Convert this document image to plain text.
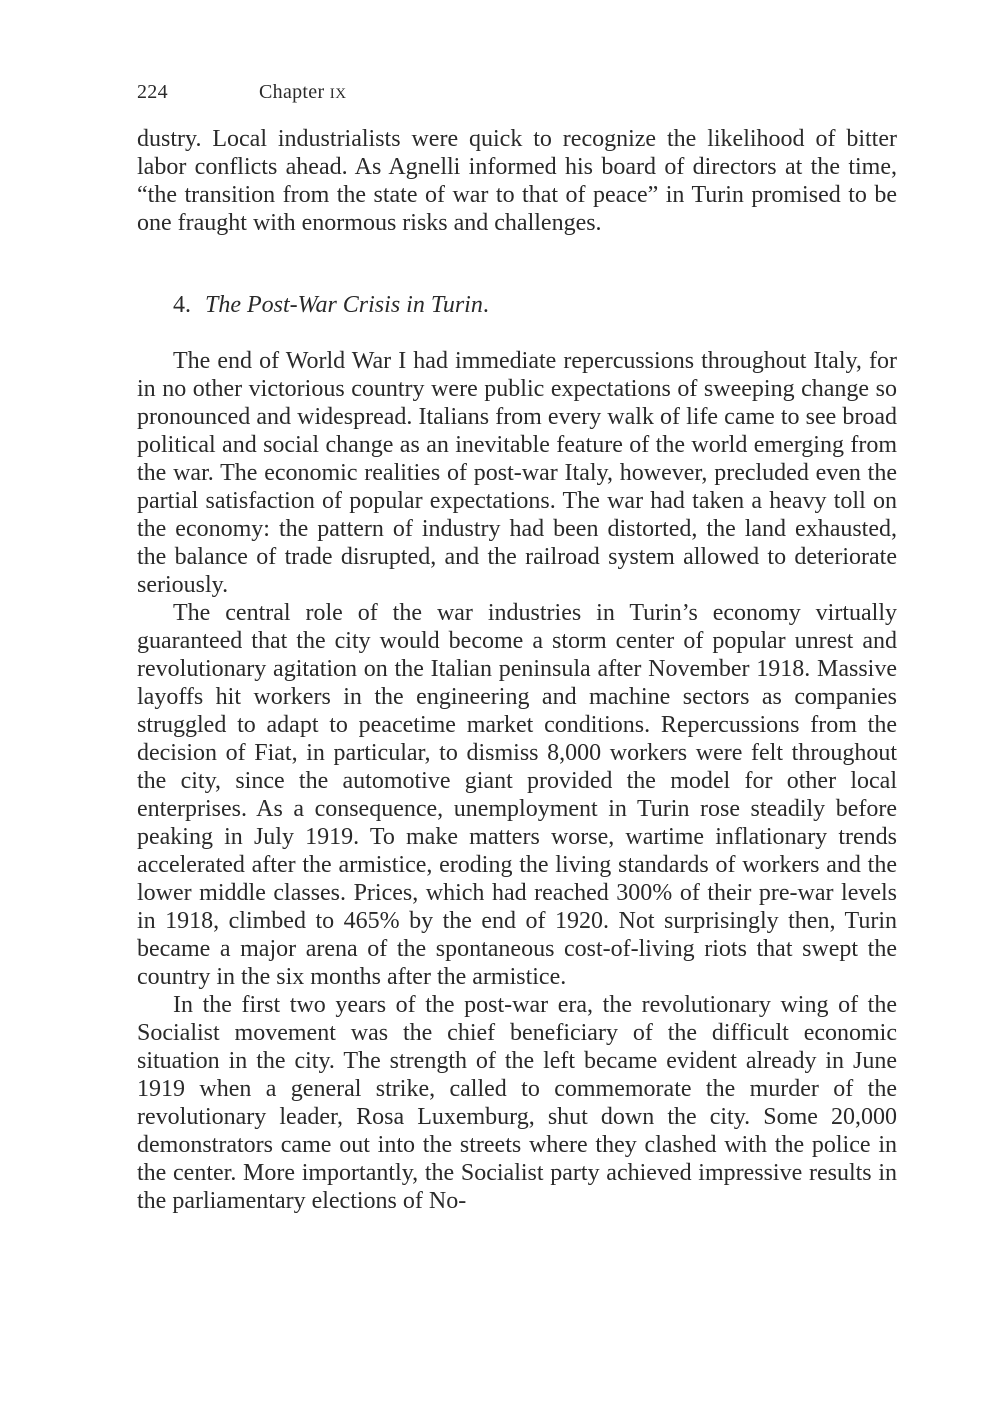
224	Chapter IX

dustry. Local industrialists were quick to recognize the likelihood of bitter labor conflicts ahead. As Agnelli informed his board of directors at the time, “the transition from the state of war to that of peace” in Turin promised to be one fraught with enormous risks and challenges.

4. The Post-War Crisis in Turin.

The end of World War I had immediate repercussions throughout Italy, for in no other victorious country were public expectations of sweeping change so pronounced and widespread. Italians from every walk of life came to see broad political and social change as an inevitable feature of the world emerging from the war. The economic realities of post-war Italy, however, precluded even the partial satisfaction of popular expectations. The war had taken a heavy toll on the economy: the pattern of industry had been distorted, the land exhausted, the balance of trade disrupted, and the railroad system allowed to deteriorate seriously.

The central role of the war industries in Turin’s economy virtually guaranteed that the city would become a storm center of popular unrest and revolutionary agitation on the Italian peninsula after November 1918. Massive layoffs hit workers in the engineering and machine sectors as companies struggled to adapt to peacetime market conditions. Repercussions from the decision of Fiat, in particular, to dismiss 8,000 workers were felt throughout the city, since the automotive giant provided the model for other local enterprises. As a consequence, unemployment in Turin rose steadily before peaking in July 1919. To make matters worse, wartime inflationary trends accelerated after the armistice, eroding the living standards of workers and the lower middle classes. Prices, which had reached 300% of their pre-war levels in 1918, climbed to 465% by the end of 1920. Not surprisingly then, Turin became a major arena of the spontaneous cost-of-living riots that swept the country in the six months after the armistice.

In the first two years of the post-war era, the revolutionary wing of the Socialist movement was the chief beneficiary of the difficult economic situation in the city. The strength of the left became evident already in June 1919 when a general strike, called to commemorate the murder of the revolutionary leader, Rosa Luxemburg, shut down the city. Some 20,000 demonstrators came out into the streets where they clashed with the police in the center. More importantly, the Socialist party achieved impressive results in the parliamentary elections of No-
